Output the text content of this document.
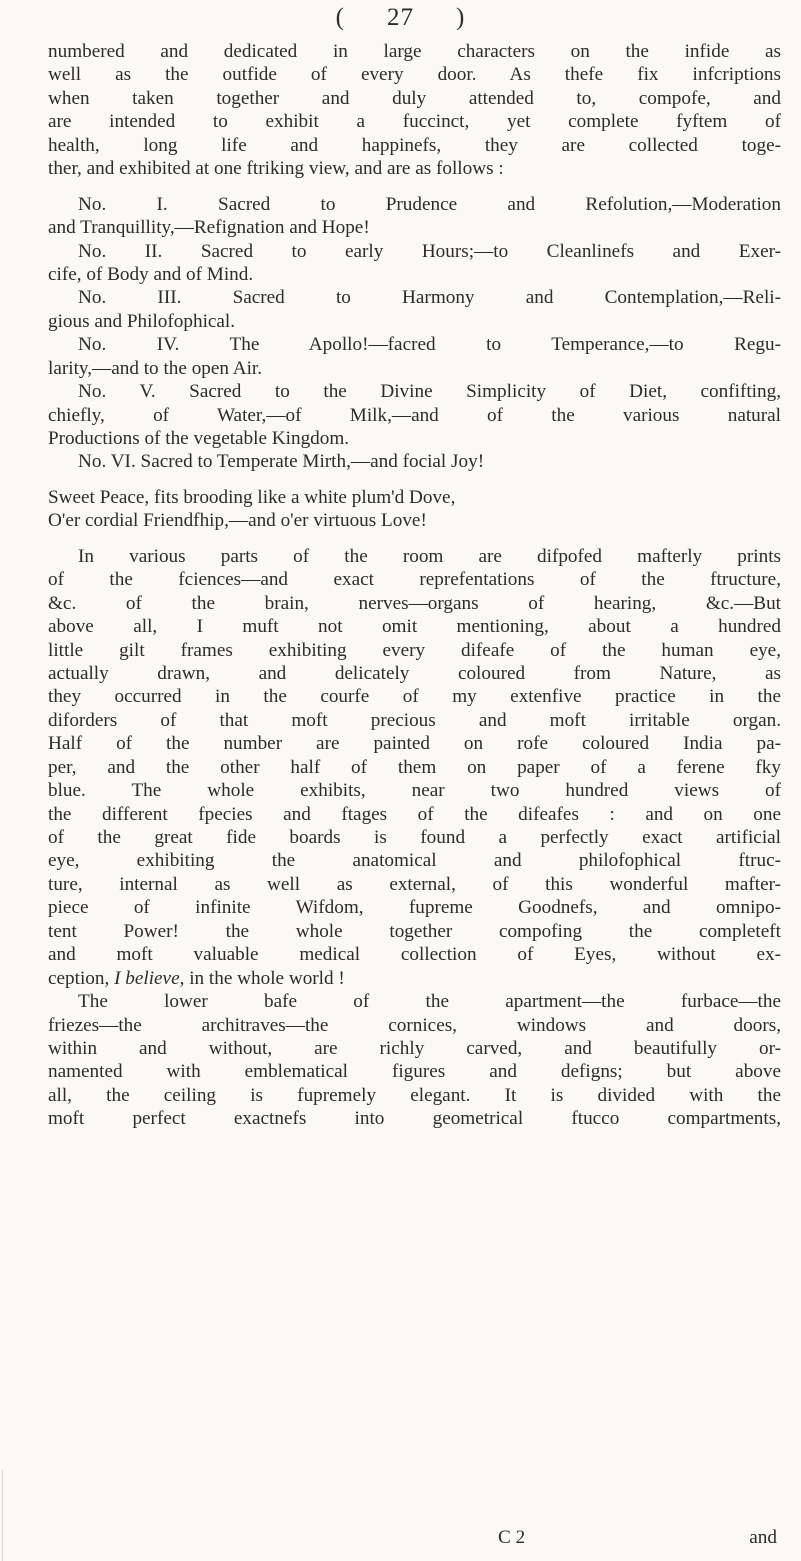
( 27 )
numbered and dedicated in large characters on the infide as
well as the outfide of every door. As thefe fix infcriptions
when taken together and duly attended to, compofe, and
are intended to exhibit a fuccinct, yet complete fyftem of
health, long life and happinefs, they are collected toge-
ther, and exhibited at one ftriking view, and are as follows :
No. I. Sacred to Prudence and Refolution,—Moderation
and Tranquillity,—Refignation and Hope!
No. II. Sacred to early Hours;—to Cleanlinefs and Exer-
cife, of Body and of Mind.
No. III. Sacred to Harmony and Contemplation,—Reli-
gious and Philofophical.
No. IV. The Apollo!—facred to Temperance,—to Regu-
larity,—and to the open Air.
No. V. Sacred to the Divine Simplicity of Diet, confifting,
chiefly, of Water,—of Milk,—and of the various natural
Productions of the vegetable Kingdom.
No. VI. Sacred to Temperate Mirth,—and focial Joy!
Sweet Peace, fits brooding like a white plum'd Dove,
O'er cordial Friendfhip,—and o'er virtuous Love!
In various parts of the room are difpofed mafterly prints
of the fciences—and exact reprefentations of the ftructure,
&c. of the brain, nerves—organs of hearing, &c.—But
above all, I muft not omit mentioning, about a hundred
little gilt frames exhibiting every difeafe of the human eye,
actually drawn, and delicately coloured from Nature, as
they occurred in the courfe of my extenfive practice in the
diforders of that moft precious and moft irritable organ.
Half of the number are painted on rofe coloured India pa-
per, and the other half of them on paper of a ferene fky
blue. The whole exhibits, near two hundred views of
the different fpecies and ftages of the difeafes : and on one
of the great fide boards is found a perfectly exact artificial
eye, exhibiting the anatomical and philofophical ftruc-
ture, internal as well as external, of this wonderful mafter-
piece of infinite Wifdom, fupreme Goodnefs, and omnipo-
tent Power! the whole together compofing the completeft
and moft valuable medical collection of Eyes, without ex-
ception, I believe, in the whole world !
The lower bafe of the apartment—the furbace—the
friezes—the architraves—the cornices, windows and doors,
within and without, are richly carved, and beautifully or-
namented with emblematical figures and defigns; but above
all, the ceiling is fupremely elegant. It is divided with the
moft perfect exactnefs into geometrical ftucco compartments,
C 2	and
